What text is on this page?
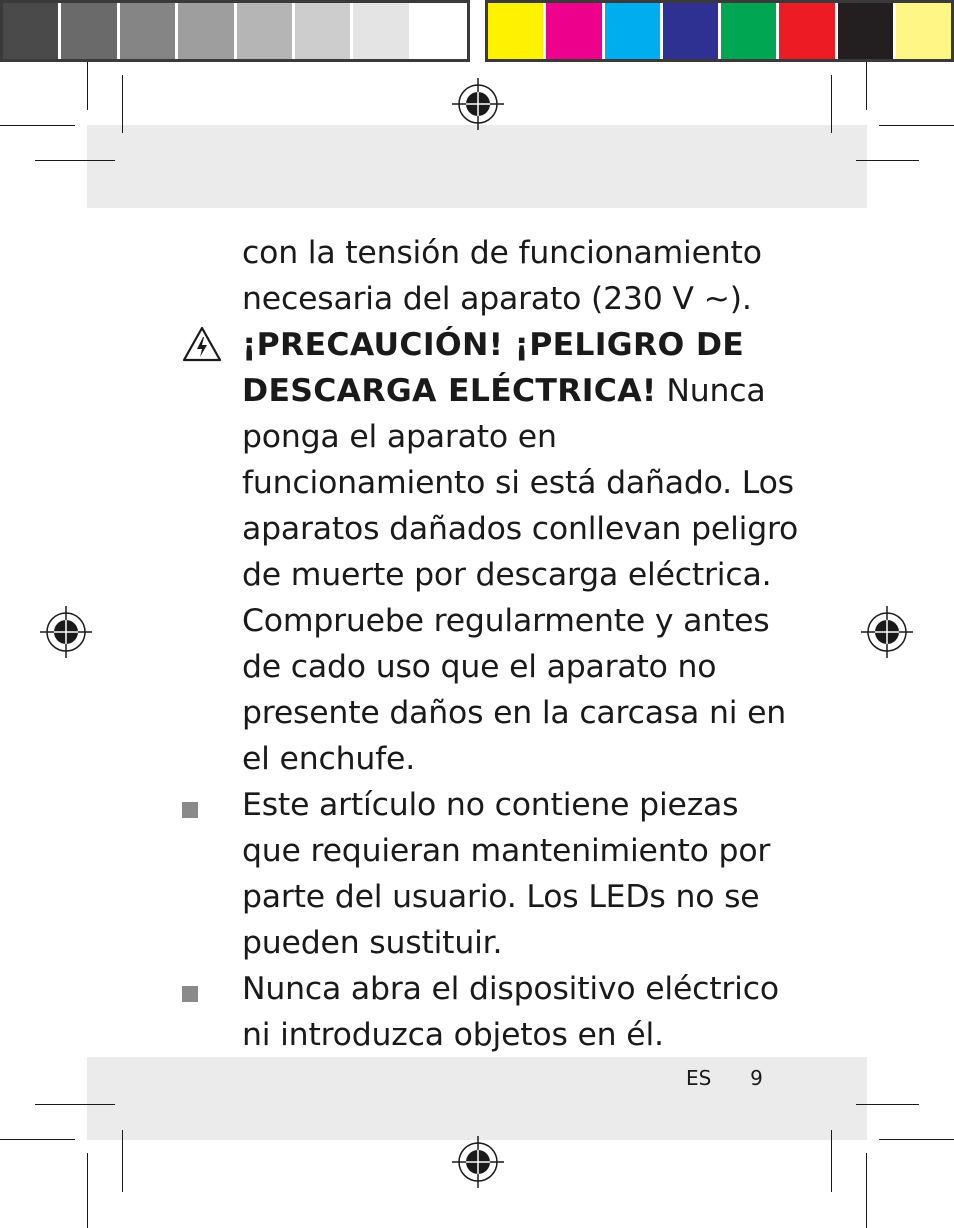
con la tensión de funcionamiento necesaria del aparato (230 V ~).

¡PRECAUCIÓN! ¡PELIGRO DE DESCARGA ELÉCTRICA! Nunca ponga el aparato en funcionamiento si está dañado. Los aparatos dañados conllevan peligro de muerte por descarga eléctrica. Compruebe regularmente y antes de cado uso que el aparato no presente daños en la carcasa ni en el enchufe.

Este artículo no contiene piezas que requieran mantenimiento por parte del usuario. Los LEDs no se pueden sustituir.

Nunca abra el dispositivo eléctrico ni introduzca objetos en él.

ES 9
